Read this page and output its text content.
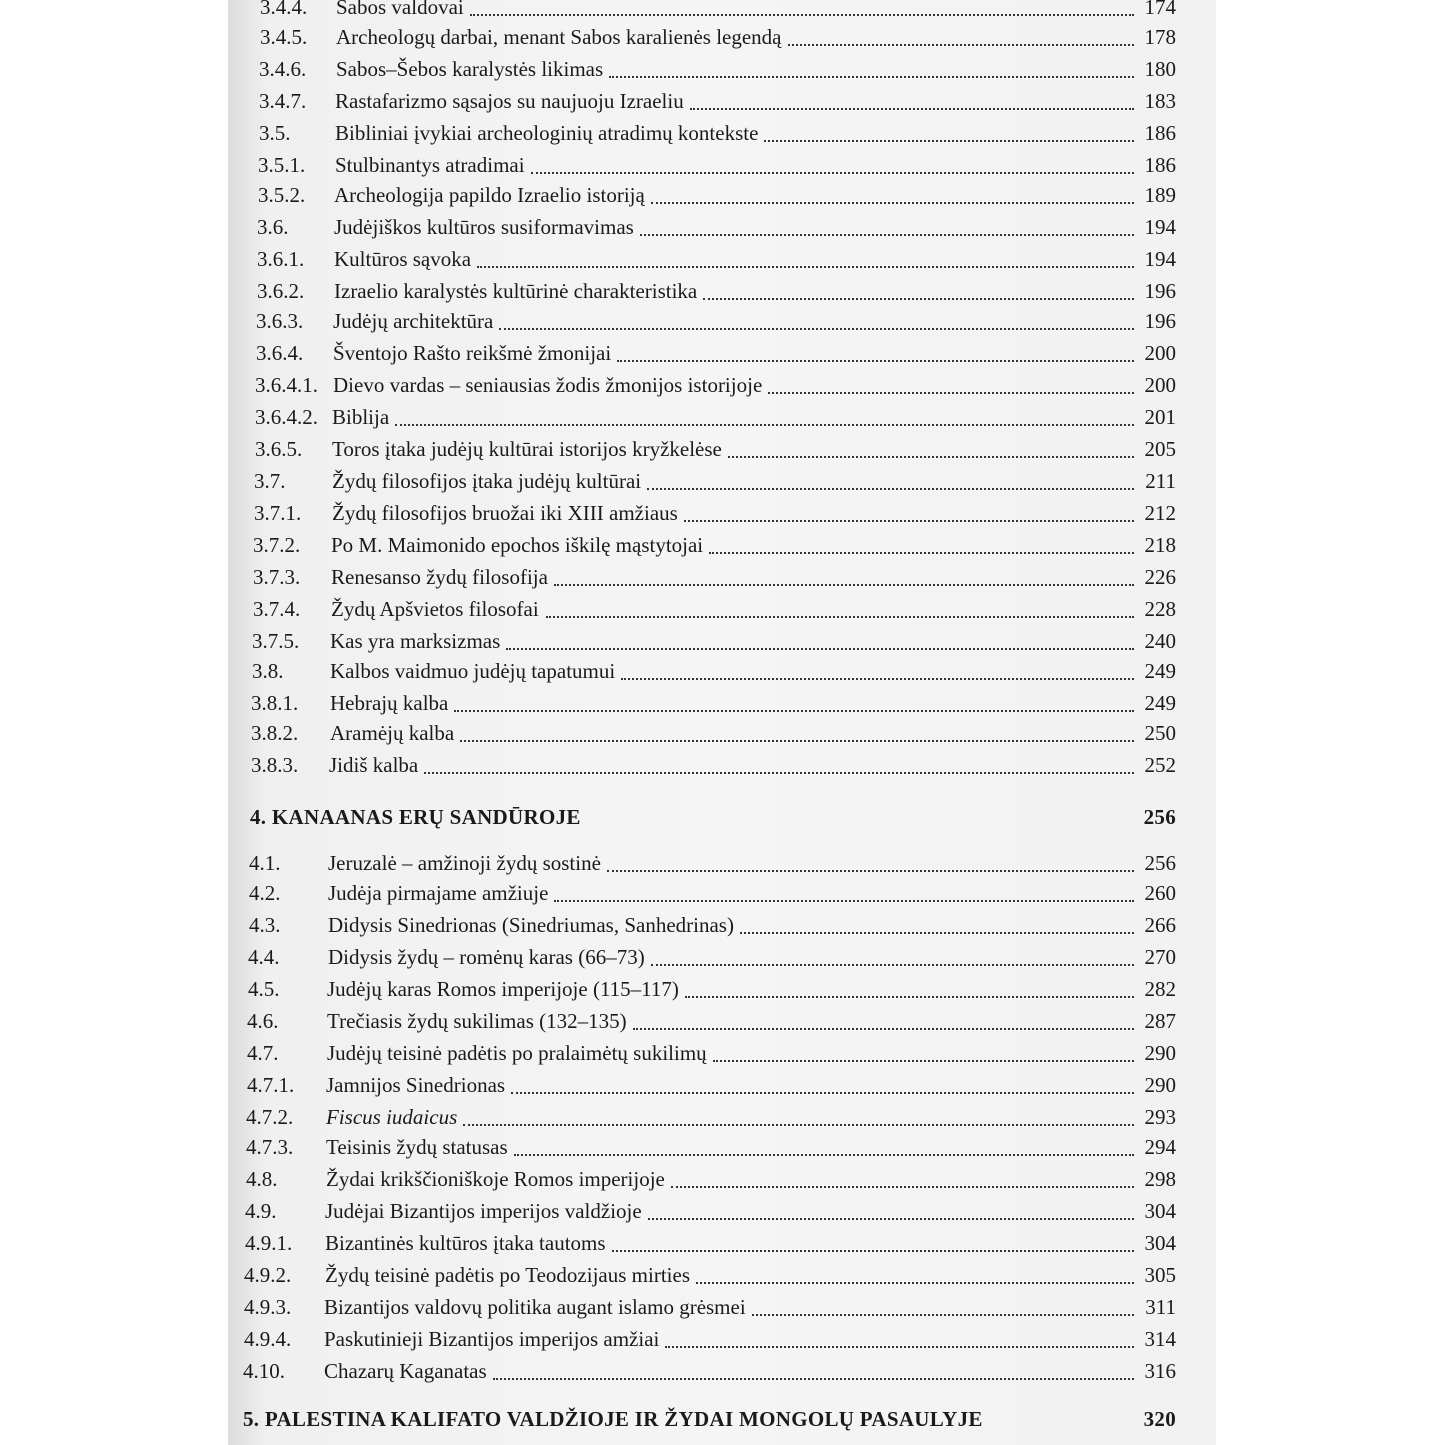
3.4.4. Sabos valdovai	174
3.4.5. Archeologų darbai, menant Sabos karalienės legendą	178
3.4.6. Sabos–Šebos karalystės likimas	180
3.4.7. Rastafarizmo sąsajos su naujuoju Izraeliu	183
3.5. Bibliniai įvykiai archeologinių atradimų kontekste	186
3.5.1. Stulbinantys atradimai	186
3.5.2. Archeologija papildo Izraelio istoriją	189
3.6. Judėjiškos kultūros susiformavimas	194
3.6.1. Kultūros sąvoka	194
3.6.2. Izraelio karalystės kultūrinė charakteristika	196
3.6.3. Judėjų architektūra	196
3.6.4. Šventojo Rašto reikšmė žmonijai	200
3.6.4.1. Dievo vardas – seniausias žodis žmonijos istorijoje	200
3.6.4.2. Biblija	201
3.6.5. Toros įtaka judėjų kultūrai istorijos kryžkelėse	205
3.7. Žydų filosofijos įtaka judėjų kultūrai	211
3.7.1. Žydų filosofijos bruožai iki XIII amžiaus	212
3.7.2. Po M. Maimonido epochos iškilę mąstytojai	218
3.7.3. Renesanso žydų filosofija	226
3.7.4. Žydų Apšvietos filosofai	228
3.7.5. Kas yra marksizmas	240
3.8. Kalbos vaidmuo judėjų tapatumui	249
3.8.1. Hebrajų kalba	249
3.8.2. Aramėjų kalba	250
3.8.3. Jidiš kalba	252
4. KANAANAS ERŲ SANDŪROJE	256
4.1. Jeruzalė – amžinoji žydų sostinė	256
4.2. Judėja pirmajame amžiuje	260
4.3. Didysis Sinedrionas (Sinedriumas, Sanhedrinas)	266
4.4. Didysis žydų – romėnų karas (66–73)	270
4.5. Judėjų karas Romos imperijoje (115–117)	282
4.6. Trečiasis žydų sukilimas (132–135)	287
4.7. Judėjų teisinė padėtis po pralaimėtų sukilimų	290
4.7.1. Jamnijos Sinedrionas	290
4.7.2. Fiscus iudaicus	293
4.7.3. Teisinis žydų statusas	294
4.8. Žydai krikščioniškoje Romos imperijoje	298
4.9. Judėjai Bizantijos imperijos valdžioje	304
4.9.1. Bizantinės kultūros įtaka tautoms	304
4.9.2. Žydų teisinė padėtis po Teodozijaus mirties	305
4.9.3. Bizantijos valdovų politika augant islamo grėsmei	311
4.9.4. Paskutinieji Bizantijos imperijos amžiai	314
4.10. Chazarų Kaganatas	316
5. PALESTINA KALIFATO VALDŽIOJE IR ŽYDAI MONGOLŲ PASAULYJE	320
